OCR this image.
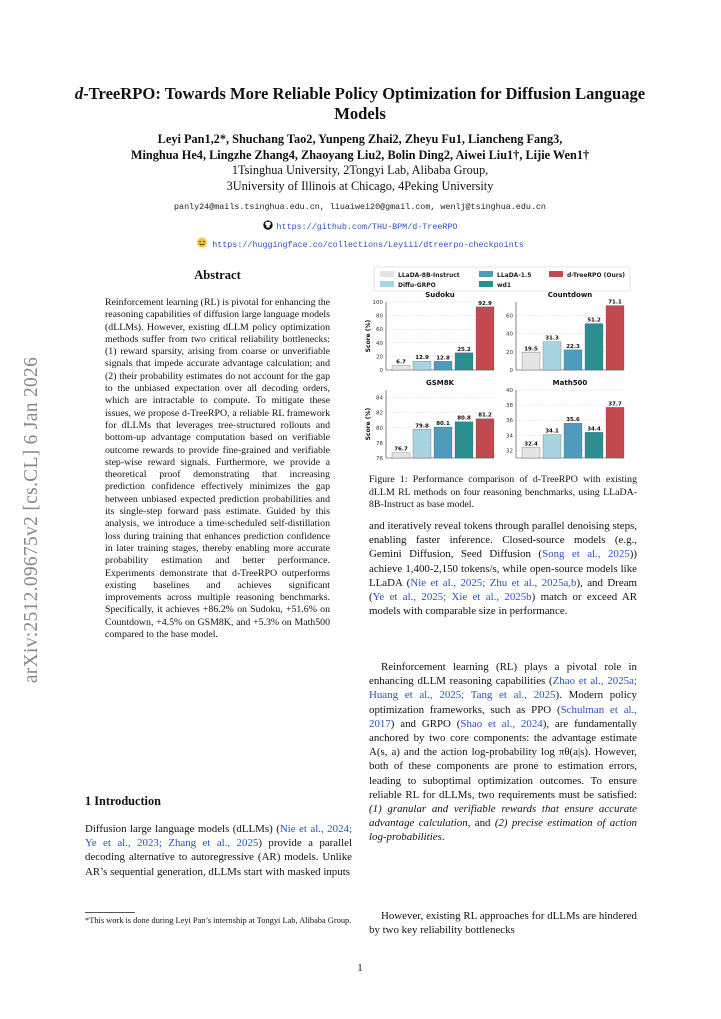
arXiv:2512.09675v2 [cs.CL] 6 Jan 2026
d-TreeRPO: Towards More Reliable Policy Optimization for Diffusion Language Models
Leyi Pan1,2*, Shuchang Tao2, Yunpeng Zhai2, Zheyu Fu1, Liancheng Fang3,
Minghua He4, Lingzhe Zhang4, Zhaoyang Liu2, Bolin Ding2, Aiwei Liu1†, Lijie Wen1†
1Tsinghua University, 2Tongyi Lab, Alibaba Group,
3University of Illinois at Chicago, 4Peking University
panly24@mails.tsinghua.edu.cn, liuaiwei20@gmail.com, wenlj@tsinghua.edu.cn
https://github.com/THU-BPM/d-TreeRPO
https://huggingface.co/collections/Leyiii/dtreerpo-checkpoints
Abstract
Reinforcement learning (RL) is pivotal for enhancing the reasoning capabilities of diffusion large language models (dLLMs). However, existing dLLM policy optimization methods suffer from two critical reliability bottlenecks: (1) reward sparsity, arising from coarse or unverifiable signals that impede accurate advantage calculation; and (2) their probability estimates do not account for the gap to the unbiased expectation over all decoding orders, which are intractable to compute. To mitigate these issues, we propose d-TreeRPO, a reliable RL framework for dLLMs that leverages tree-structured rollouts and bottom-up advantage computation based on verifiable outcome rewards to provide fine-grained and verifiable step-wise reward signals. Furthermore, we provide a theoretical proof demonstrating that increasing prediction confidence effectively minimizes the gap between unbiased expected prediction probabilities and its single-step forward pass estimate. Guided by this analysis, we introduce a time-scheduled self-distillation loss during training that enhances prediction confidence in later training stages, thereby enabling more accurate probability estimation and better performance. Experiments demonstrate that d-TreeRPO outperforms existing baselines and achieves significant improvements across multiple reasoning benchmarks. Specifically, it achieves +86.2% on Sudoku, +51.6% on Countdown, +4.5% on GSM8K, and +5.3% on Math500 compared to the base model.
1 Introduction
Diffusion large language models (dLLMs) (Nie et al., 2024; Ye et al., 2023; Zhang et al., 2025) provide a parallel decoding alternative to autoregressive (AR) models. Unlike AR’s sequential generation, dLLMs start with masked inputs
*This work is done during Leyi Pan’s internship at Tongyi Lab, Alibaba Group.
LLaDA-8B-Instruct	LLaDA-1.5	d-TreeRPO (Ours)
Diffu-GRPO	wd1
Sudoku
0
20
40
60
80
100
Score (%)
6.7
12.9 12.8
25.2
92.9
Countdown
0
20
40
60
19.5
31.3
22.3
51.2
71.1
GSM8K
76
78
80
82
84
Score (%)
76.7
79.8 80.1
80.8
81.2
Math500
32
34
36
38
40
32.4
34.1
35.6
34.4
37.7
Figure 1: Performance comparison of d-TreeRPO with existing dLLM RL methods on four reasoning benchmarks, using LLaDA-8B-Instruct as base model.

and iteratively reveal tokens through parallel denoising steps, enabling faster inference. Closed-source models (e.g., Gemini Diffusion, Seed Diffusion (Song et al., 2025)) achieve 1,400-2,150 tokens/s, while open-source models like LLaDA (Nie et al., 2025; Zhu et al., 2025a,b), and Dream (Ye et al., 2025; Xie et al., 2025b) match or exceed AR models with comparable size in performance.

Reinforcement learning (RL) plays a pivotal role in enhancing dLLM reasoning capabilities (Zhao et al., 2025a; Huang et al., 2025; Tang et al., 2025). Modern policy optimization frameworks, such as PPO (Schulman et al., 2017) and GRPO (Shao et al., 2024), are fundamentally anchored by two core components: the advantage estimate A(s, a) and the action log-probability log πθ(a|s). However, both of these components are prone to estimation errors, leading to suboptimal optimization outcomes. To ensure reliable RL for dLLMs, two requirements must be satisfied: (1) granular and verifiable rewards that ensure accurate advantage calculation, and (2) precise estimation of action log-probabilities.

However, existing RL approaches for dLLMs are hindered by two key reliability bottlenecks
1
